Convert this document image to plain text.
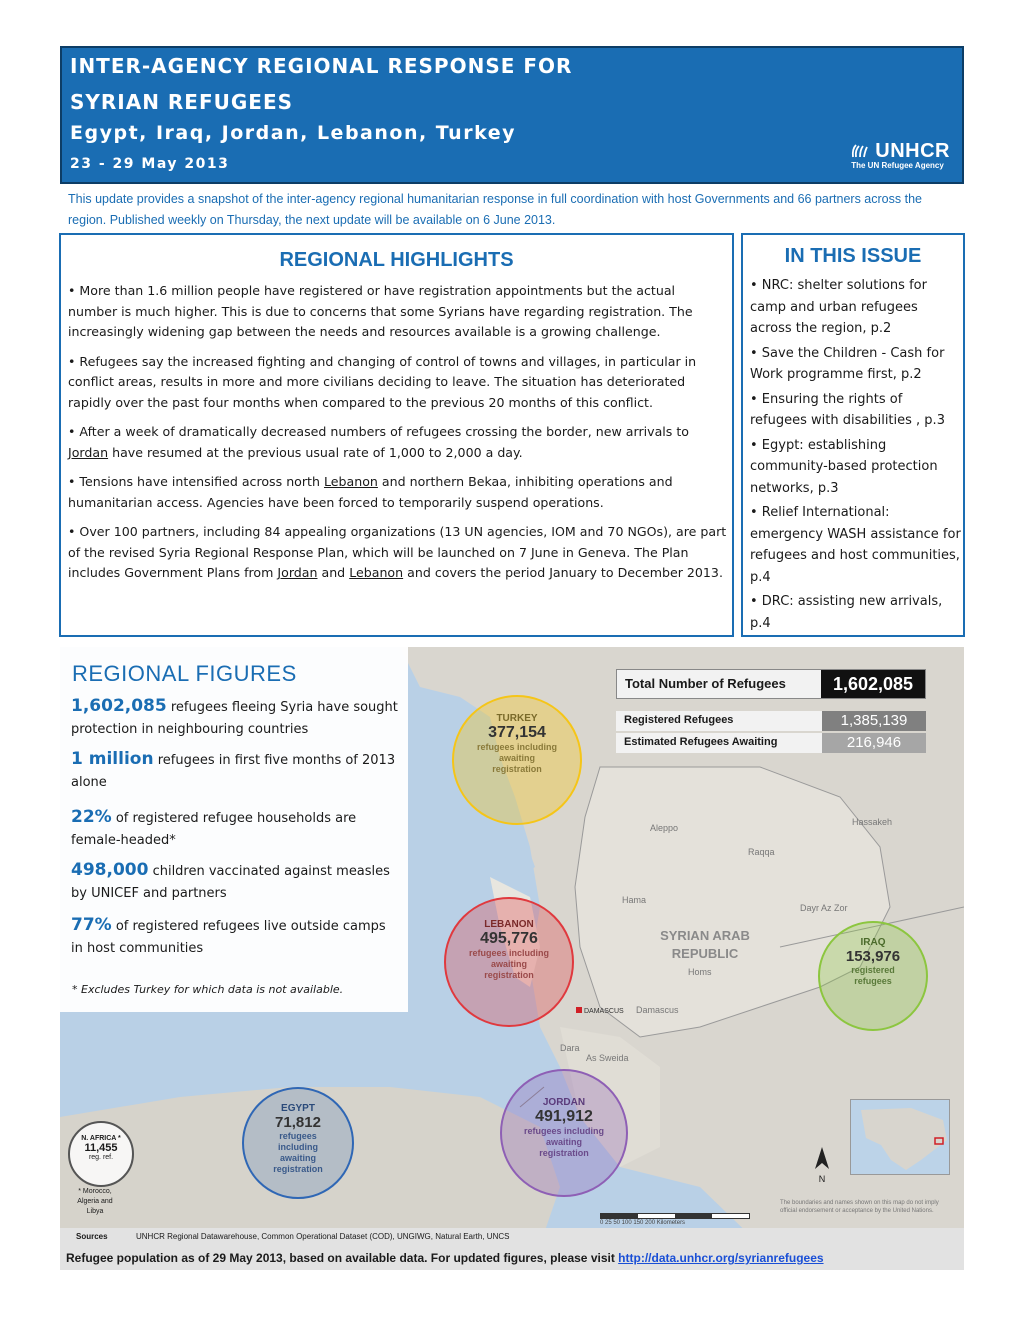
INTER-AGENCY REGIONAL RESPONSE FOR
SYRIAN REFUGEES
Egypt, Iraq, Jordan, Lebanon, Turkey
23 - 29 May 2013
UNHCR
The UN Refugee Agency
This update provides a snapshot of the inter-agency regional humanitarian response in full coordination with host Governments and 66 partners across the region. Published weekly on Thursday, the next update will be available on 6 June 2013.
REGIONAL HIGHLIGHTS
• More than 1.6 million people have registered or have registration appointments but the actual number is much higher. This is due to concerns that some Syrians have regarding registration. The increasingly widening gap between the needs and resources available is a growing challenge.
• Refugees say the increased fighting and changing of control of towns and villages, in particular in conflict areas, results in more and more civilians deciding to leave. The situation has deteriorated rapidly over the past four months when compared to the previous 20 months of this conflict.
• After a week of dramatically decreased numbers of refugees crossing the border, new arrivals to Jordan have resumed at the previous usual rate of 1,000 to 2,000 a day.
• Tensions have intensified across north Lebanon and northern Bekaa, inhibiting operations and humanitarian access. Agencies have been forced to temporarily suspend operations.
• Over 100 partners, including 84 appealing organizations (13 UN agencies, IOM and 70 NGOs), are part of the revised Syria Regional Response Plan, which will be launched on 7 June in Geneva. The Plan includes Government Plans from Jordan and Lebanon and covers the period January to December 2013.
IN THIS ISSUE
• NRC: shelter solutions for camp and urban refugees across the region, p.2
• Save the Children - Cash for Work programme first, p.2
• Ensuring the rights of refugees with disabilities , p.3
• Egypt: establishing community-based protection networks, p.3
• Relief International: emergency WASH assistance for refugees and host communities, p.4
• DRC: assisting new arrivals, p.4
Total Number of Refugees	1,602,085
Registered Refugees	1,385,139
Estimated Refugees Awaiting	216,946
SYRIAN ARAB REPUBLIC
Aleppo
Raqqa
Hassakeh
Hama
Homs
Dayr Az Zor
DAMASCUS Damascus
Dara
As Sweida
TURKEY
377,154
refugees including awaiting registration
LEBANON
495,776
refugees including awaiting registration
IRAQ
153,976
registered refugees
JORDAN
491,912
refugees including awaiting registration
EGYPT
71,812
refugees including awaiting registration
N. AFRICA *
11,455
reg. ref.
* Morocco, Algeria and Libya
N
The boundaries and names shown on this map do not imply official endorsement or acceptance by the United Nations.
0 25 50 100 150 200 Kilometers
REGIONAL FIGURES
1,602,085 refugees fleeing Syria have sought protection in neighbouring countries
1 million refugees in first five months of 2013 alone
22% of registered refugee households are female-headed*
498,000 children vaccinated against measles by UNICEF and partners
77% of registered refugees live outside camps in host communities
* Excludes Turkey for which data is not available.
Sources	UNHCR Regional Datawarehouse, Common Operational Dataset (COD), UNGIWG, Natural Earth, UNCS
Refugee population as of 29 May 2013, based on available data. For updated figures, please visit http://data.unhcr.org/syrianrefugees
